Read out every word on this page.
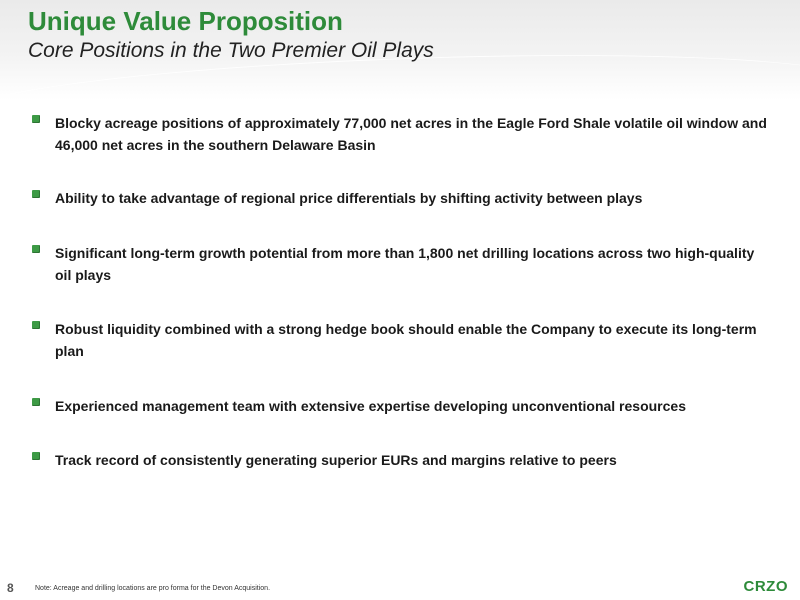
Unique Value Proposition
Core Positions in the Two Premier Oil Plays
Blocky acreage positions of approximately 77,000 net acres in the Eagle Ford Shale volatile oil window and 46,000 net acres in the southern Delaware Basin
Ability to take advantage of regional price differentials by shifting activity between plays
Significant long-term growth potential from more than 1,800 net drilling locations across two high-quality oil plays
Robust liquidity combined with a strong hedge book should enable the Company to execute its long-term plan
Experienced management team with extensive expertise developing unconventional resources
Track record of consistently generating superior EURs and margins relative to peers
8	Note: Acreage and drilling locations are pro forma for the Devon Acquisition.	CRZO
